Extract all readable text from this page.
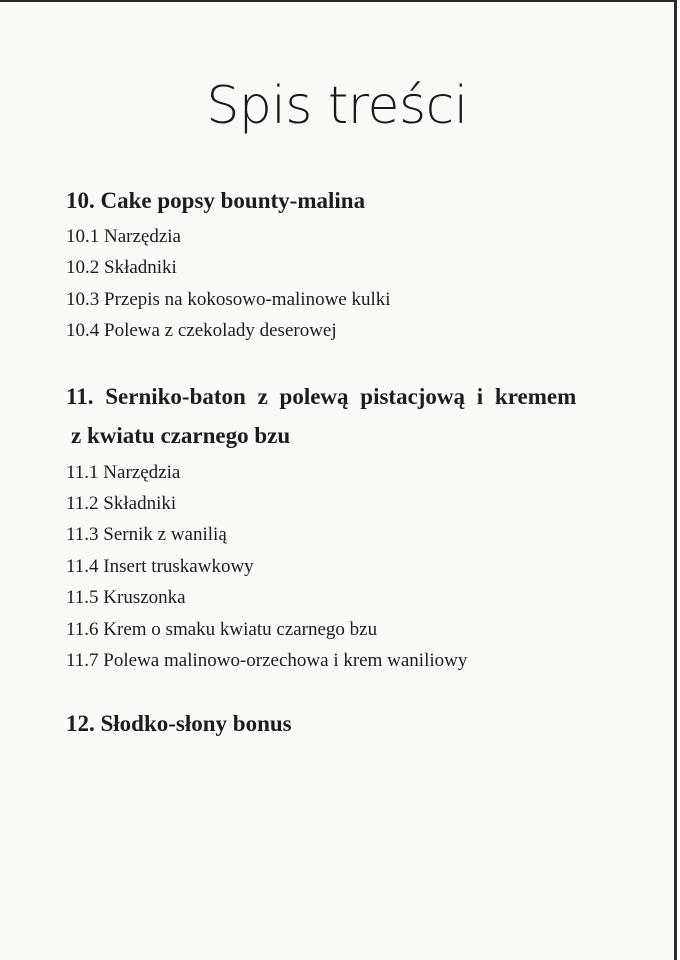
Spis treści
10. Cake popsy bounty-malina
10.1 Narzędzia
10.2 Składniki
10.3 Przepis na kokosowo-malinowe kulki
10.4 Polewa z czekolady deserowej
11. Serniko-baton z polewą pistacjową i kremem
z kwiatu czarnego bzu
11.1 Narzędzia
11.2 Składniki
11.3 Sernik z wanilią
11.4 Insert truskawkowy
11.5 Kruszonka
11.6 Krem o smaku kwiatu czarnego bzu
11.7 Polewa malinowo-orzechowa i krem waniliowy
12. Słodko-słony bonus
